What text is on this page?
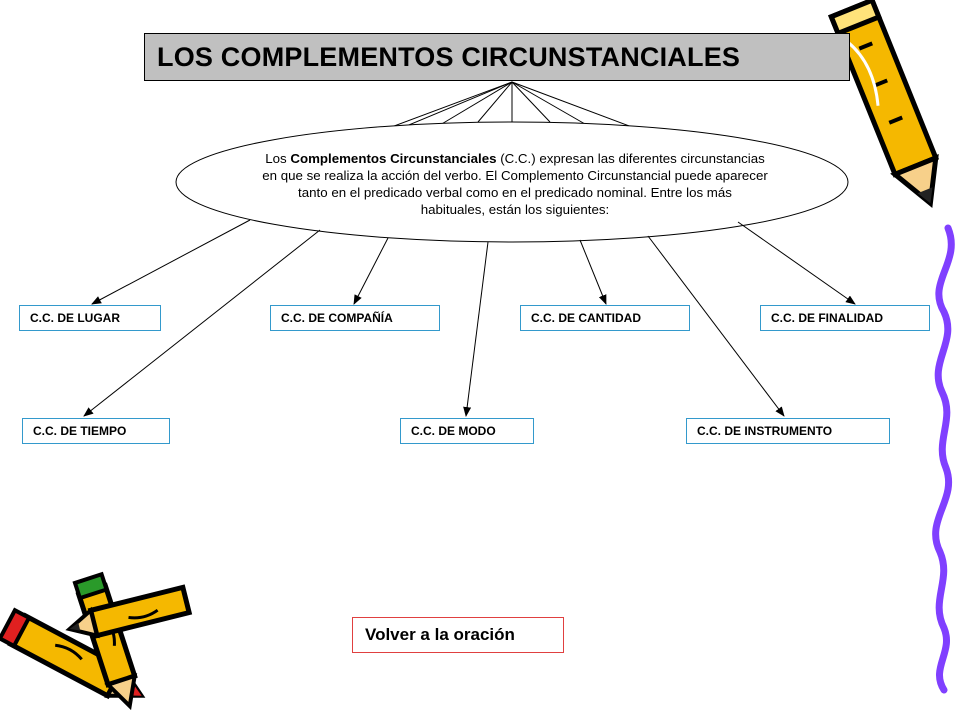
LOS COMPLEMENTOS CIRCUNSTANCIALES
Los Complementos Circunstanciales (C.C.) expresan las diferentes circunstancias
en que se realiza la acción del verbo. El Complemento Circunstancial puede aparecer
tanto en el predicado verbal como en el predicado nominal. Entre los más
habituales, están los siguientes:
C.C. DE LUGAR	C.C. DE COMPAÑÍA	C.C. DE CANTIDAD	C.C. DE FINALIDAD
C.C. DE TIEMPO	C.C. DE MODO	C.C. DE INSTRUMENTO
Volver a la oración
